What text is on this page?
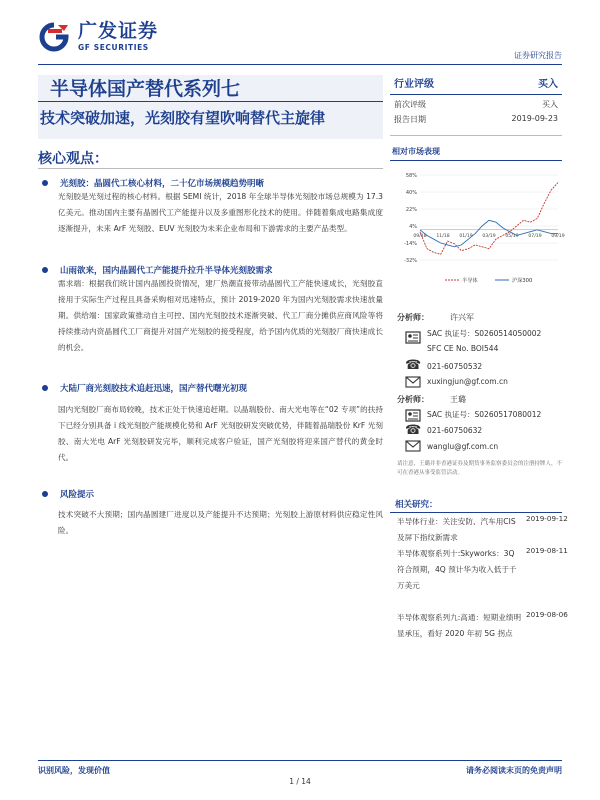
广发证券
GF SECURITIES
证券研究报告
半导体国产替代系列七
技术突破加速，光刻胶有望吹响替代主旋律
行业评级	买入
前次评级	买入
报告日期	2019-09-23
核心观点：
光刻胶：晶圆代工核心材料，二十亿市场规模趋势明晰
光刻胶是光刻过程的核心材料。根据 SEMI 统计，2018 年全球半导体光刻胶市场总规模为 17.3 亿美元。推动国内主要有晶圆代工产能提升以及多重图形化技术的使用。伴随着集成电路集成度逐渐提升，未来 ArF 光刻胶、EUV 光刻胶为未来企业布局和下游需求的主要产品类型。
山雨欲来，国内晶圆代工产能提升拉升半导体光刻胶需求
需求端：根据我们统计国内晶圆投资情况，建厂热潮直接带动晶圆代工产能快速成长，光刻胶直接用于实际生产过程且具备采购相对迅速特点，预计 2019-2020 年为国内光刻胶需求快速放量期。供给端：国家政策推动自主可控、国内光刻胶技术逐渐突破、代工厂商分摊供应商风险等将持续推动内资晶圆代工厂商提升对国产光刻胶的接受程度，给予国内优质的光刻胶厂商快速成长的机会。
大陆厂商光刻胶技术追赶迅速，国产替代曙光初现
国内光刻胶厂商布局较晚，技术正处于快速追赶期。以晶瑞股份、南大光电等在“02 专项”的扶持下已经分别具备 i 线光刻胶产能规模化势和 ArF 光刻胶研发突破优势，伴随着晶瑞股份 KrF 光刻胶、南大光电 ArF 光刻胶研发完毕，顺利完成客户验证，国产光刻胶将迎来国产替代的黄金时代。
风险提示
技术突破不大预期；国内晶圆建厂进度以及产能提升不达预期；光刻胶上游原材料供应稳定性风险。
相对市场表现
58%
40%
22%
4%
-14%
-32%
09/18 11/18 01/19 03/19 05/19 07/19 09/19
半导体	沪深300
分析师：	许兴军
SAC 执证号：S0260514050002
SFC CE No. BOI544
☎ 021-60750532
xuxingjun@gf.com.cn
分析师：	王璐
SAC 执证号：S0260517080012
☎ 021-60750632
wanglu@gf.com.cn
请注意，王璐并非香港证券及期货事务监察委员会的注册持牌人，不可在香港从事受监管活动。
相关研究：
半导体行业：关注安防、汽车用CIS 及屏下指纹新需求
2019-09-12
半导体观察系列十:Skyworks：3Q 符合预期，4Q 预计华为收入低于千万美元
2019-08-11
半导体观察系列九:高通：短期业绩明显承压，看好 2020 年初 5G 拐点
2019-08-06
识别风险，发现价值	请务必阅读末页的免责声明
1 / 14
